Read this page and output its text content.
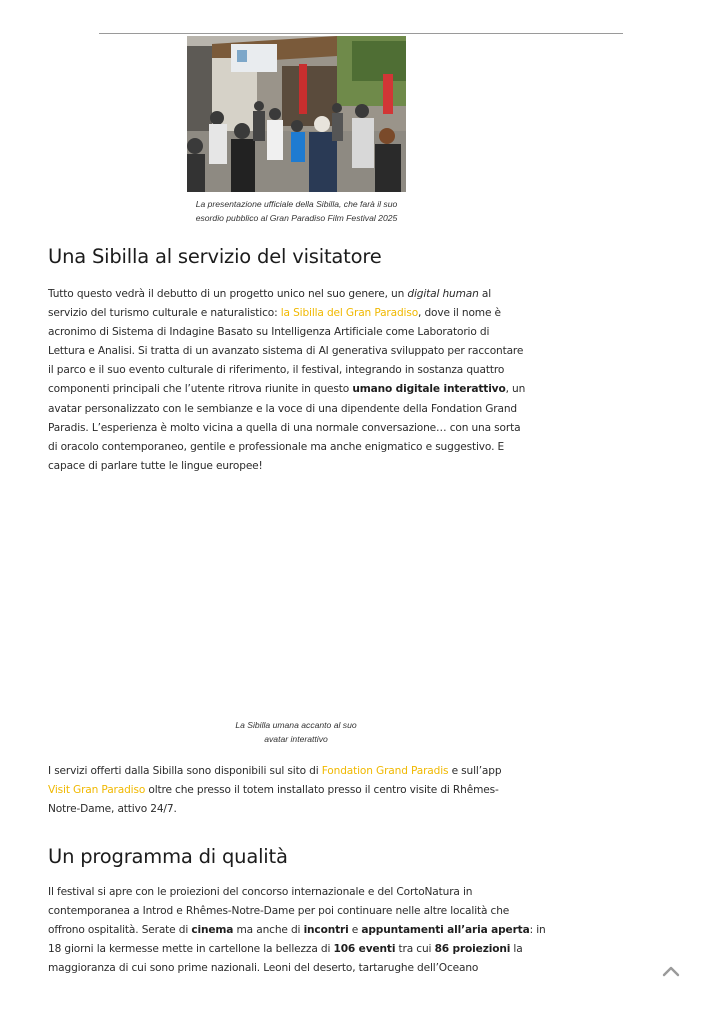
La presentazione ufficiale della Sibilla, che farà il suo
esordio pubblico al Gran Paradiso Film Festival 2025
Una Sibilla al servizio del visitatore
Tutto questo vedrà il debutto di un progetto unico nel suo genere, un digital human al
servizio del turismo culturale e naturalistico: la Sibilla del Gran Paradiso, dove il nome è
acronimo di Sistema di Indagine Basato su Intelligenza Artificiale come Laboratorio di
Lettura e Analisi. Si tratta di un avanzato sistema di AI generativa sviluppato per raccontare
il parco e il suo evento culturale di riferimento, il festival, integrando in sostanza quattro
componenti principali che l’utente ritrova riunite in questo umano digitale interattivo, un
avatar personalizzato con le sembianze e la voce di una dipendente della Fondation Grand
Paradis. L’esperienza è molto vicina a quella di una normale conversazione… con una sorta
di oracolo contemporaneo, gentile e professionale ma anche enigmatico e suggestivo. E
capace di parlare tutte le lingue europee!
La Sibilla umana accanto al suo
avatar interattivo
I servizi offerti dalla Sibilla sono disponibili sul sito di Fondation Grand Paradis e sull’app
Visit Gran Paradiso oltre che presso il totem installato presso il centro visite di Rhêmes-
Notre-Dame, attivo 24/7.
Un programma di qualità
Il festival si apre con le proiezioni del concorso internazionale e del CortoNatura in
contemporanea a Introd e Rhêmes-Notre-Dame per poi continuare nelle altre località che
offrono ospitalità. Serate di cinema ma anche di incontri e appuntamenti all’aria aperta: in
18 giorni la kermesse mette in cartellone la bellezza di 106 eventi tra cui 86 proiezioni la
maggioranza di cui sono prime nazionali. Leoni del deserto, tartarughe dell’Oceano
